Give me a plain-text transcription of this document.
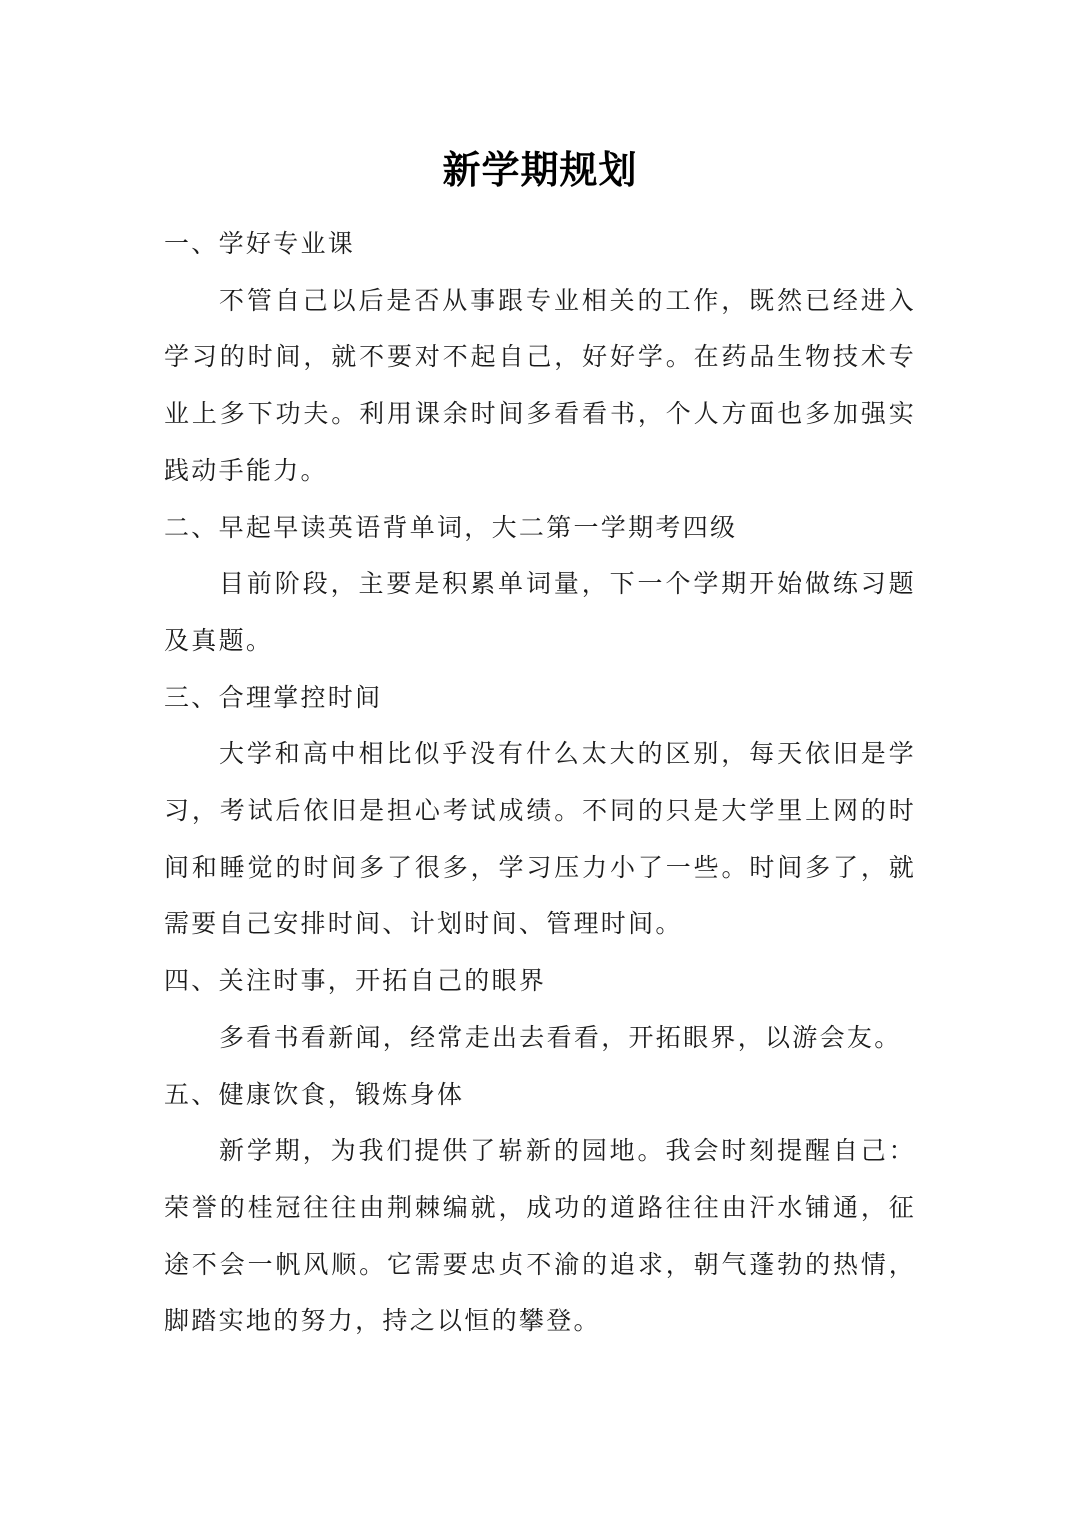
新学期规划

一、学好专业课

不管自己以后是否从事跟专业相关的工作，既然已经进入学习的时间，就不要对不起自己，好好学。在药品生物技术专业上多下功夫。利用课余时间多看看书，个人方面也多加强实践动手能力。

二、早起早读英语背单词，大二第一学期考四级

目前阶段，主要是积累单词量，下一个学期开始做练习题及真题。

三、合理掌控时间

大学和高中相比似乎没有什么太大的区别，每天依旧是学习，考试后依旧是担心考试成绩。不同的只是大学里上网的时间和睡觉的时间多了很多，学习压力小了一些。时间多了，就需要自己安排时间、计划时间、管理时间。

四、关注时事，开拓自己的眼界

多看书看新闻，经常走出去看看，开拓眼界，以游会友。

五、健康饮食，锻炼身体

新学期，为我们提供了崭新的园地。我会时刻提醒自己：荣誉的桂冠往往由荆棘编就，成功的道路往往由汗水铺通，征途不会一帆风顺。它需要忠贞不渝的追求，朝气蓬勃的热情，脚踏实地的努力，持之以恒的攀登。
